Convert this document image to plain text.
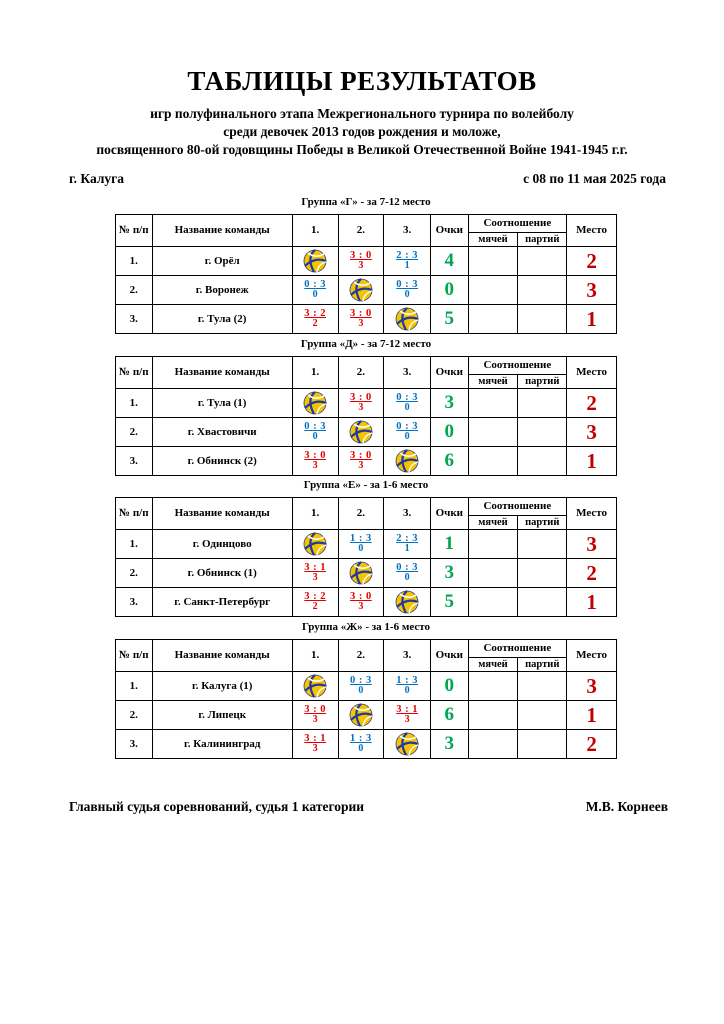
ТАБЛИЦЫ РЕЗУЛЬТАТОВ
игр полуфинального этапа Межрегионального турнира по волейболу
среди девочек 2013 годов рождения и моложе,
посвященного 80-ой годовщины Победы в Великой Отечественной Войне 1941-1945 г.г.
г. Калуга	с 08 по 11 мая 2025 года
Группа «Г» - за 7-12 место
№ п/п	Название команды	1.	2.	3.	Очки	Соотношение		Место
						мячей	партий	
1.	г. Орёл		$\frac{3 : 0}{3}$	$\frac{2 : 3}{1}$	4			2
2.	г. Воронеж	$\frac{0 : 3}{0}$		$\frac{0 : 3}{0}$	0			3
3.	г. Тула (2)	$\frac{3 : 2}{2}$	$\frac{3 : 0}{3}$		5			1
Группа «Д» - за 7-12 место
№ п/п	Название команды	1.	2.	3.	Очки	Соотношение		Место
						мячей	партий	
1.	г. Тула (1)		$\frac{3 : 0}{3}$	$\frac{0 : 3}{0}$	3			2
2.	г. Хвастовичи	$\frac{0 : 3}{0}$		$\frac{0 : 3}{0}$	0			3
3.	г. Обнинск (2)	$\frac{3 : 0}{3}$	$\frac{3 : 0}{3}$		6			1
Группа «Е» - за 1-6 место
№ п/п	Название команды	1.	2.	3.	Очки	Соотношение		Место
						мячей	партий	
1.	г. Одинцово		$\frac{1 : 3}{0}$	$\frac{2 : 3}{1}$	1			3
2.	г. Обнинск (1)	$\frac{3 : 1}{3}$		$\frac{0 : 3}{0}$	3			2
3.	г. Санкт-Петербург	$\frac{3 : 2}{2}$	$\frac{3 : 0}{3}$		5			1
Группа «Ж» - за 1-6 место
№ п/п	Название команды	1.	2.	3.	Очки	Соотношение		Место
						мячей	партий	
1.	г. Калуга (1)		$\frac{0 : 3}{0}$	$\frac{1 : 3}{0}$	0			3
2.	г. Липецк	$\frac{3 : 0}{3}$		$\frac{3 : 1}{3}$	6			1
3.	г. Калининград	$\frac{3 : 1}{3}$	$\frac{1 : 3}{0}$		3			2
Главный судья соревнований, судья 1 категории	М.В. Корнеев
